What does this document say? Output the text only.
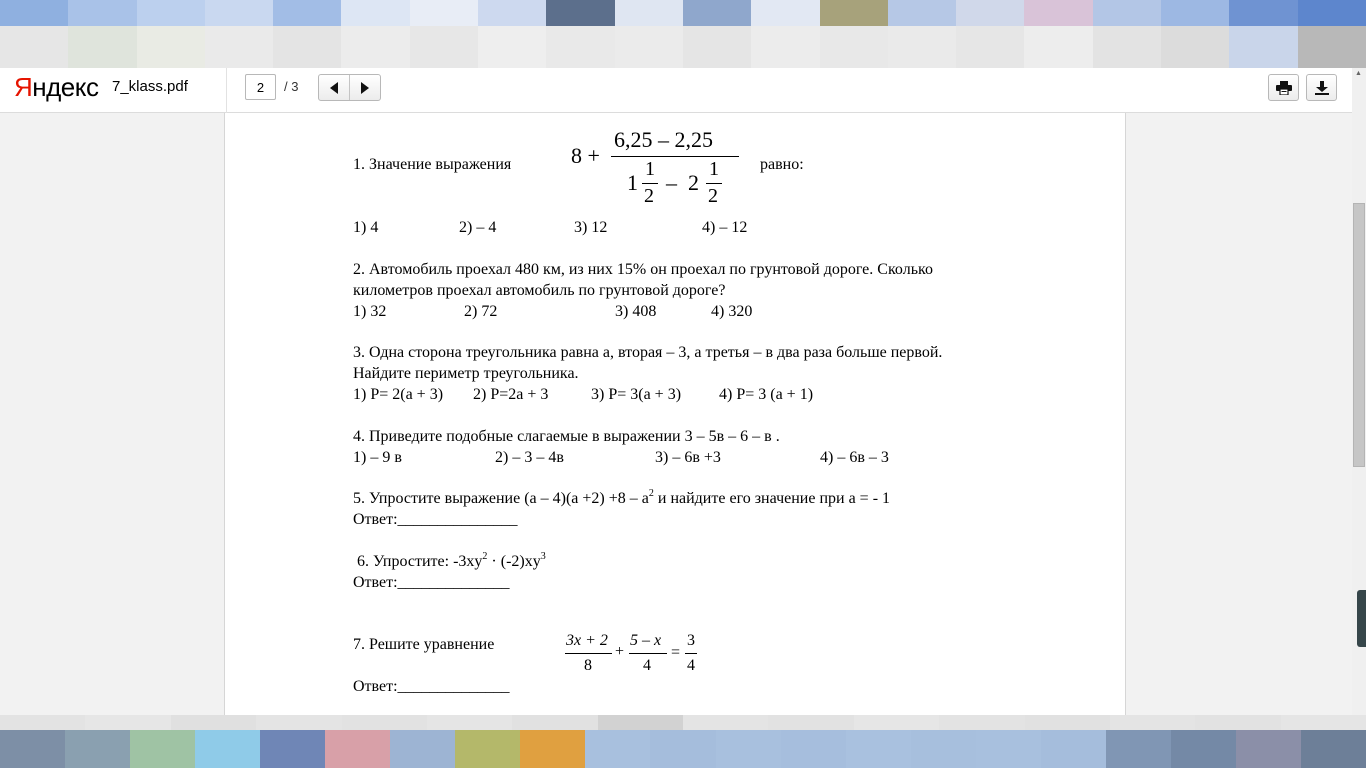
Яндекс 7_klass.pdf
2	/ 3
1. Значение выражения	8 +
6,25 – 2,25
1
1
2
– 2
1
2
равно:
1) 4	2) – 4	3) 12	4) – 12
2. Автомобиль проехал 480 км, из них 15% он проехал по грунтовой дороге. Сколько
километров проехал автомобиль по грунтовой дороге?
1) 32	2) 72	3) 408	4) 320
3. Одна сторона треугольника равна а, вторая – 3, а третья – в два раза больше первой.
Найдите периметр треугольника.
1) Р= 2(а + 3) 2) Р=2а + 3	3) Р= 3(а + 3) 4) Р= 3 (а + 1)
4. Приведите подобные слагаемые в выражении 3 – 5в – 6 – в .
1) – 9 в	2) – 3 – 4в	3) – 6в +3	4) – 6в – 3
5. Упростите выражение $(а - 4)(а +2) +8 - а^2$ и найдите его значение при а = - 1
Ответ:_______________
6. Упростите: $-3xy^2 \cdot (-2)xy^3$
Ответ:______________
7. Решите уравнение	3x + 2
8
+
5 – x
4
=
3
4
Ответ:______________
▲
